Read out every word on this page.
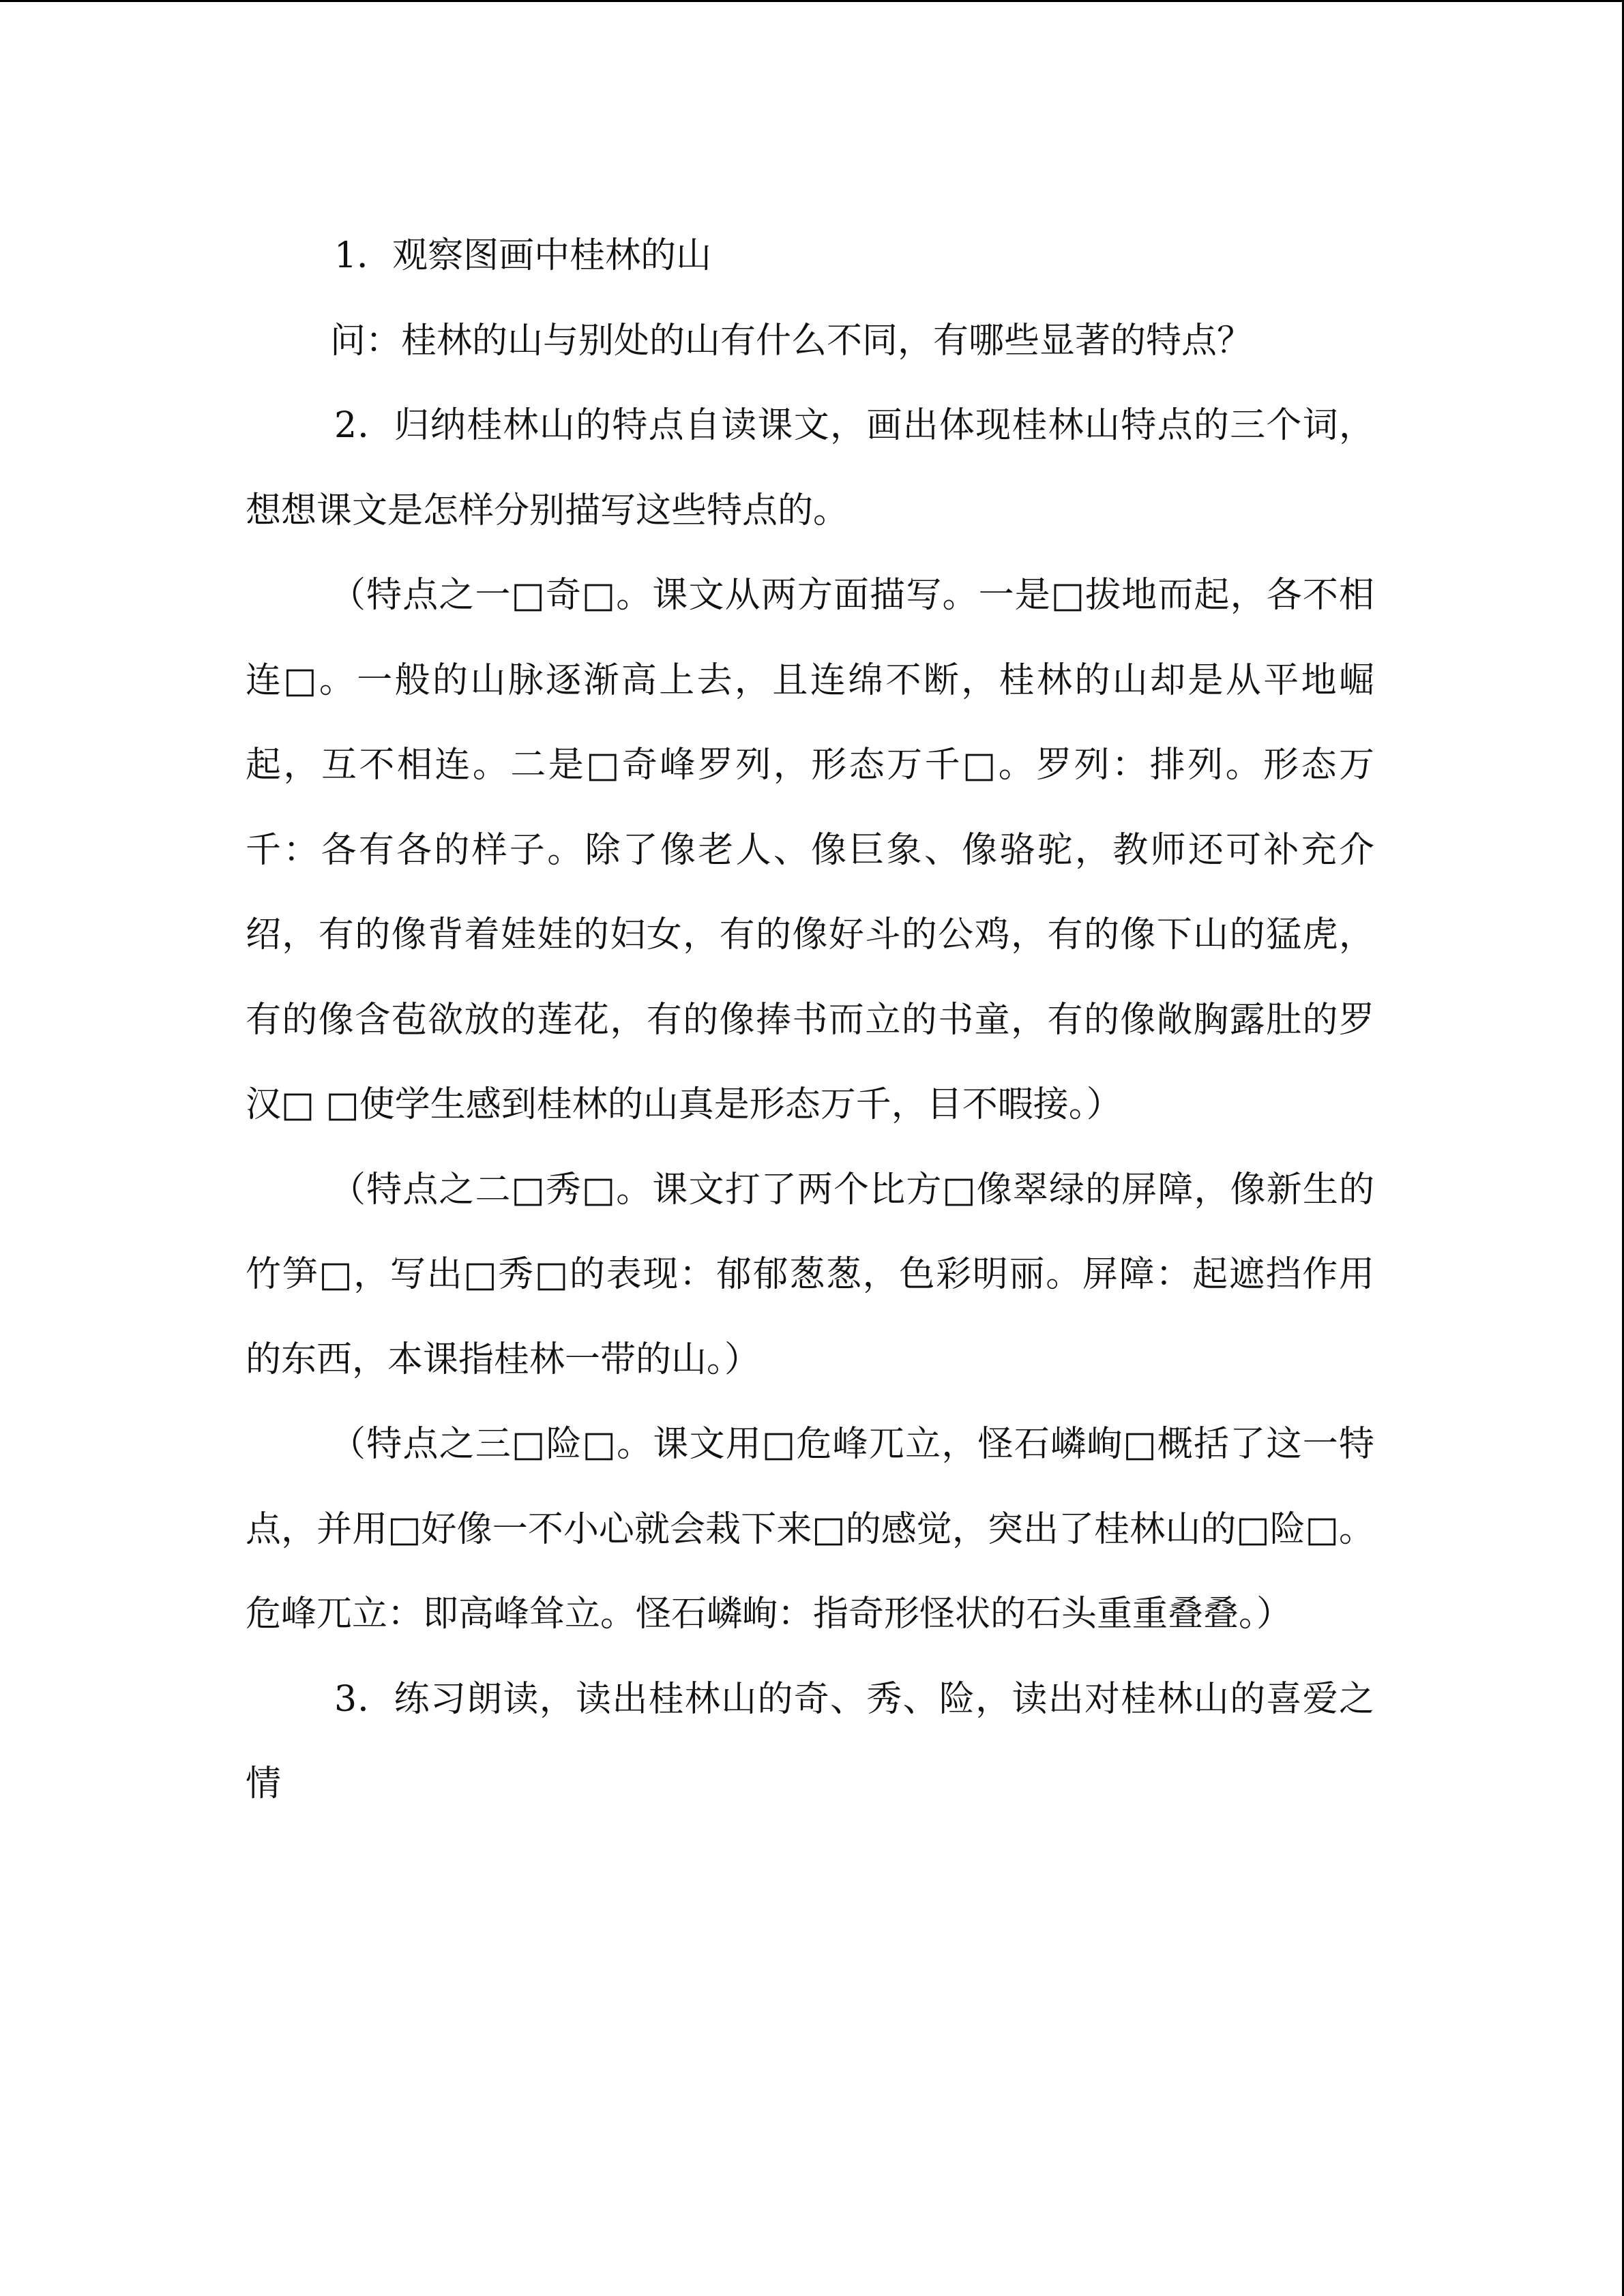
1．观察图画中桂林的山

问：桂林的山与别处的山有什么不同，有哪些显著的特点？

2．归纳桂林山的特点自读课文，画出体现桂林山特点的三个词，想想课文是怎样分别描写这些特点的。

（特点之一□奇□。课文从两方面描写。一是□拔地而起，各不相连□。一般的山脉逐渐高上去，且连绵不断，桂林的山却是从平地崛起，互不相连。二是□奇峰罗列，形态万千□。罗列：排列。形态万千：各有各的样子。除了像老人、像巨象、像骆驼，教师还可补充介绍，有的像背着娃娃的妇女，有的像好斗的公鸡，有的像下山的猛虎，有的像含苞欲放的莲花，有的像捧书而立的书童，有的像敞胸露肚的罗汉□ □使学生感到桂林的山真是形态万千，目不暇接。）

（特点之二□秀□。课文打了两个比方□像翠绿的屏障，像新生的竹笋□，写出□秀□的表现：郁郁葱葱，色彩明丽。屏障：起遮挡作用的东西，本课指桂林一带的山。）

（特点之三□险□。课文用□危峰兀立，怪石嶙峋□概括了这一特点，并用□好像一不小心就会栽下来□的感觉，突出了桂林山的□险□。危峰兀立：即高峰耸立。怪石嶙峋：指奇形怪状的石头重重叠叠。）

3．练习朗读，读出桂林山的奇、秀、险，读出对桂林山的喜爱之情
